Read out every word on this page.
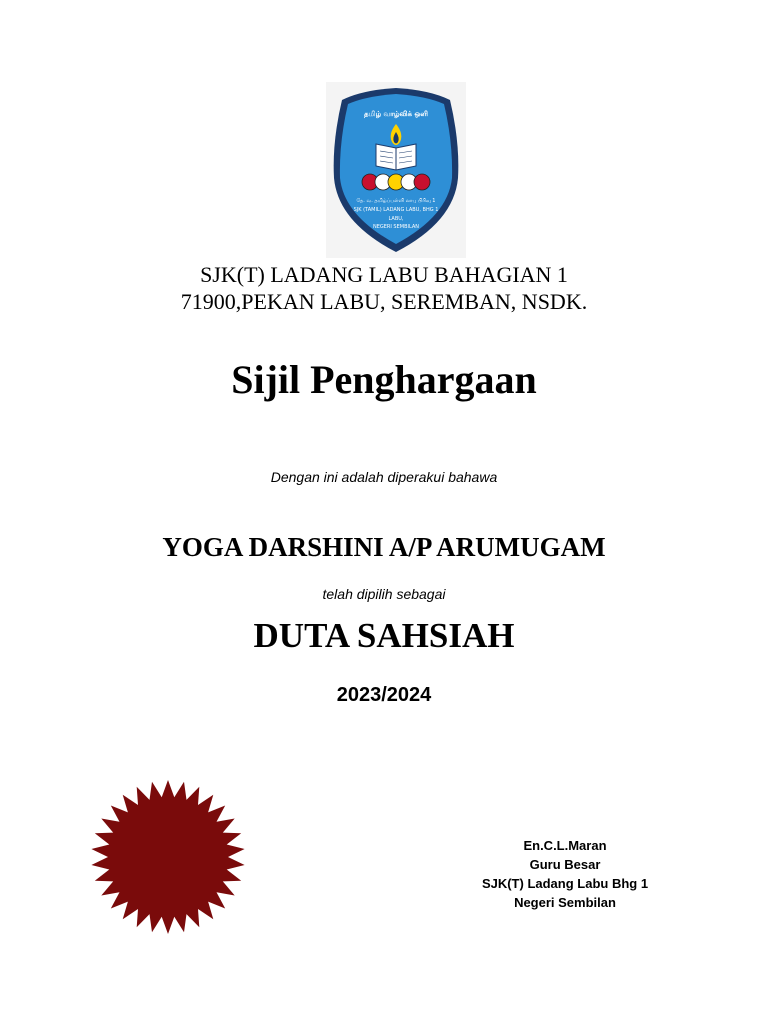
தமிழ் வாழ்விக் ஒளி
தே. வ. தமிழ்ப்பள்ளி லாபு பிரிவு 1
SJK (TAMIL) LADANG LABU, BHG 1
LABU,
NEGERI SEMBILAN
SJK(T) LADANG LABU BAHAGIAN 1
71900,PEKAN LABU, SEREMBAN, NSDK.
Sijil Penghargaan
Dengan ini adalah diperakui bahawa
YOGA DARSHINI A/P ARUMUGAM
telah dipilih sebagai
DUTA SAHSIAH
2023/2024
En.C.L.Maran
Guru Besar
SJK(T) Ladang Labu Bhg 1
Negeri Sembilan
